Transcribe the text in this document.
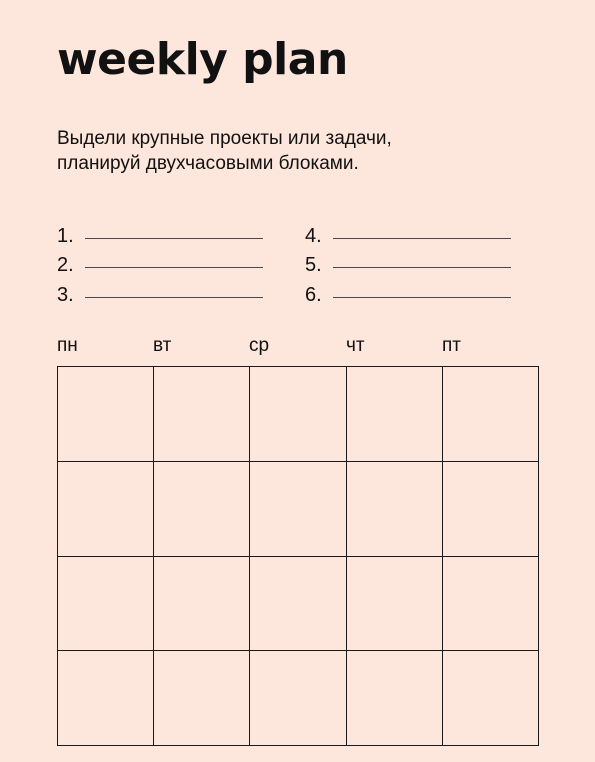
weekly plan
Выдели крупные проекты или задачи,
планируй двухчасовыми блоками.
1.
2.
3.
4.
5.
6.
пн	вт	ср	чт	пт
